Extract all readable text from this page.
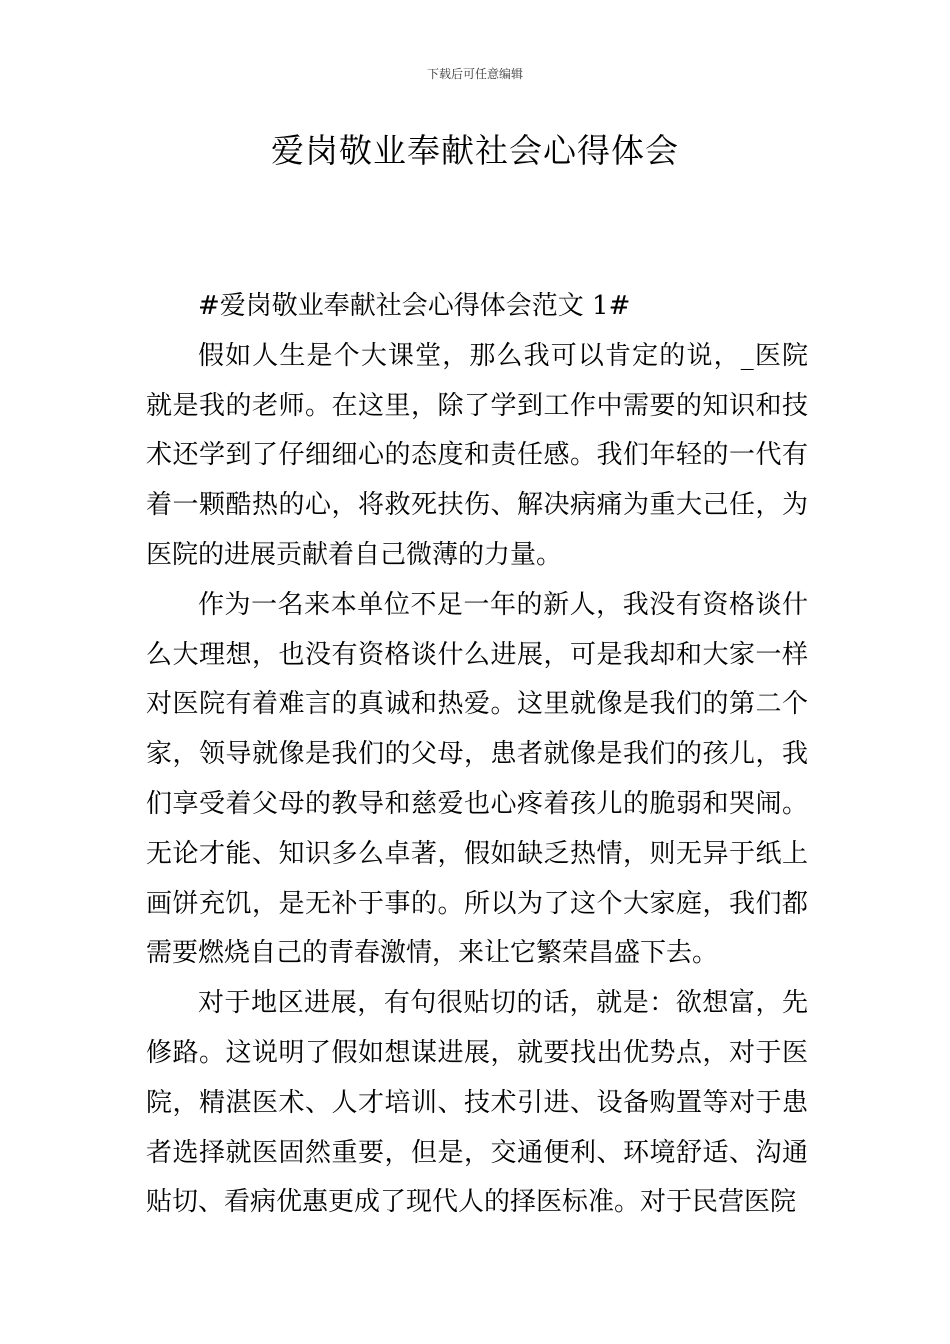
下载后可任意编辑
爱岗敬业奉献社会心得体会

#爱岗敬业奉献社会心得体会范文 1#

假如人生是个大课堂，那么我可以肯定的说，_医院就是我的老师。在这里，除了学到工作中需要的知识和技术还学到了仔细细心的态度和责任感。我们年轻的一代有着一颗酷热的心，将救死扶伤、解决病痛为重大己任，为医院的进展贡献着自己微薄的力量。

作为一名来本单位不足一年的新人，我没有资格谈什么大理想，也没有资格谈什么进展，可是我却和大家一样对医院有着难言的真诚和热爱。这里就像是我们的第二个家，领导就像是我们的父母，患者就像是我们的孩儿，我们享受着父母的教导和慈爱也心疼着孩儿的脆弱和哭闹。无论才能、知识多么卓著，假如缺乏热情，则无异于纸上画饼充饥，是无补于事的。所以为了这个大家庭，我们都需要燃烧自己的青春激情，来让它繁荣昌盛下去。

对于地区进展，有句很贴切的话，就是：欲想富，先修路。这说明了假如想谋进展，就要找出优势点，对于医院，精湛医术、人才培训、技术引进、设备购置等对于患者选择就医固然重要，但是，交通便利、环境舒适、沟通贴切、看病优惠更成了现代人的择医标准。对于民营医院
